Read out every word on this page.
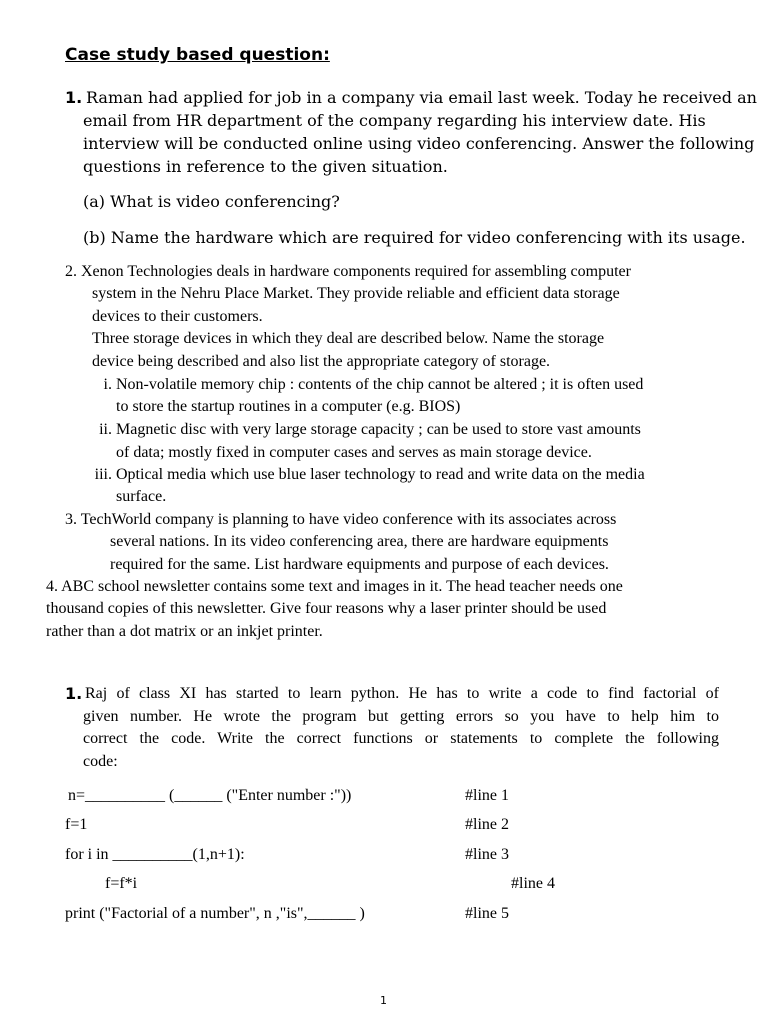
Case study based question:
1. Raman had applied for job in a company via email last week. Today he received an
email from HR department of the company regarding his interview date. His
interview will be conducted online using video conferencing. Answer the following
questions in reference to the given situation.
(a) What is video conferencing?
(b) Name the hardware which are required for video conferencing with its usage.
2. Xenon Technologies deals in hardware components required for assembling computer
system in the Nehru Place Market. They provide reliable and efficient data storage
devices to their customers.
Three storage devices in which they deal are described below. Name the storage
device being described and also list the appropriate category of storage.
i. Non-volatile memory chip : contents of the chip cannot be altered ; it is often used
to store the startup routines in a computer (e.g. BIOS)
ii. Magnetic disc with very large storage capacity ; can be used to store vast amounts
of data; mostly fixed in computer cases and serves as main storage device.
iii. Optical media which use blue laser technology to read and write data on the media
surface.
3. TechWorld company is planning to have video conference with its associates across
several nations. In its video conferencing area, there are hardware equipments
required for the same. List hardware equipments and purpose of each devices.
4. ABC school newsletter contains some text and images in it. The head teacher needs one
thousand copies of this newsletter. Give four reasons why a laser printer should be used
rather than a dot matrix or an inkjet printer.
1. Raj of class XI has started to learn python. He has to write a code to find factorial of
given number. He wrote the program but getting errors so you have to help him to
correct the code. Write the correct functions or statements to complete the following
code:
n=__________ (______ ("Enter number :"))	#line 1
f=1	#line 2
for i in __________(1,n+1):	#line 3
f=f*i	#line 4
print ("Factorial of a number", n ,"is",______ )	#line 5
1
